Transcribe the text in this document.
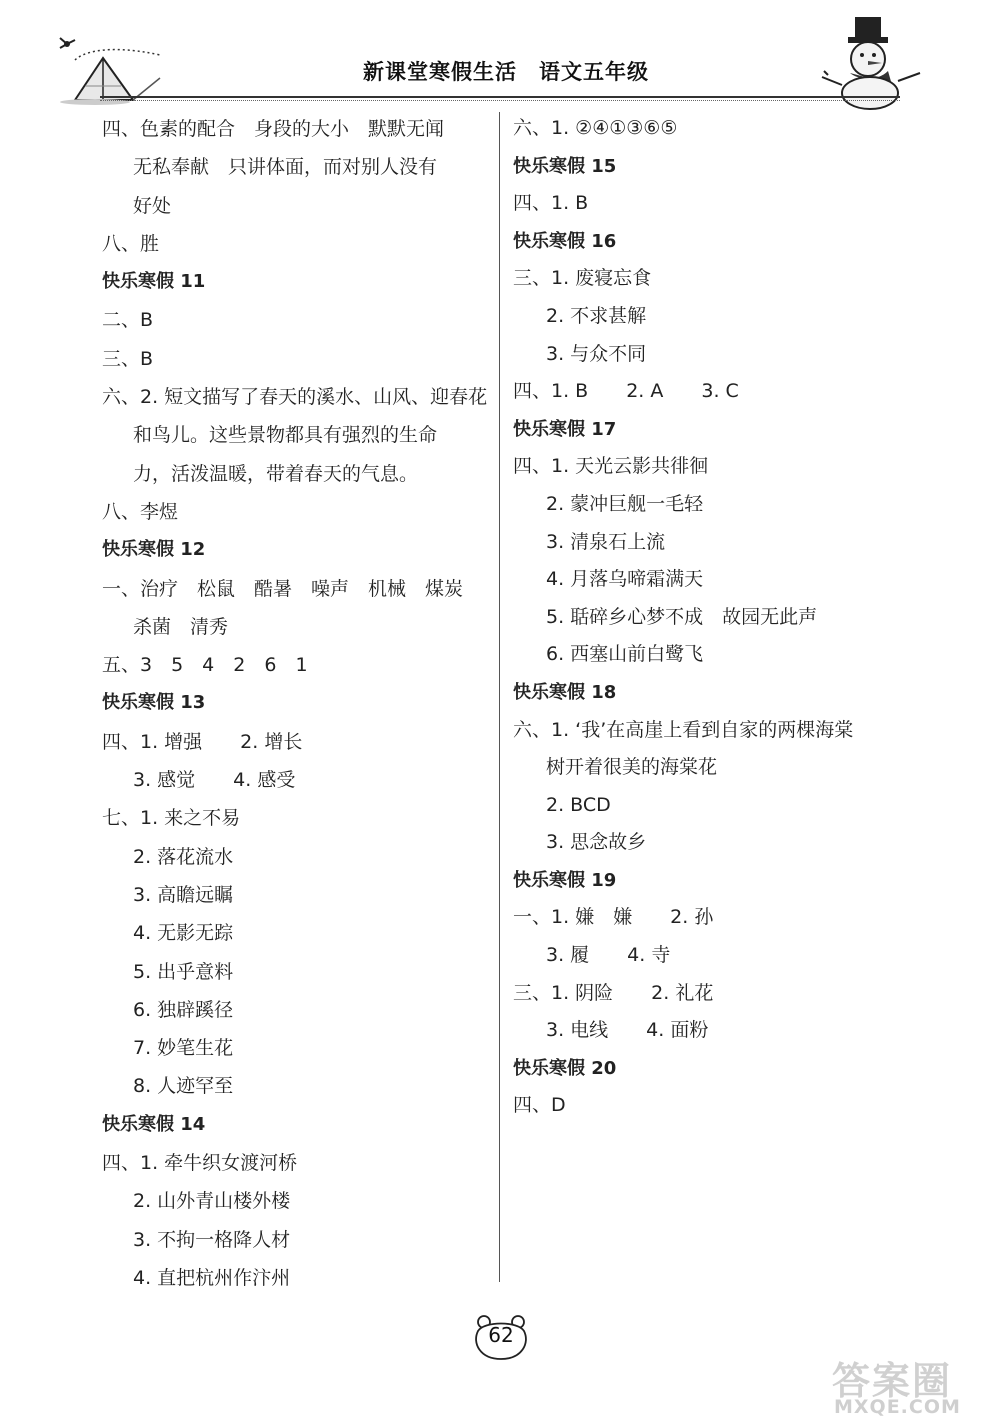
新课堂寒假生活　语文五年级
四、色素的配合　身段的大小　默默无闻
无私奉献　只讲体面，而对别人没有
好处
八、胜
快乐寒假 11
二、B
三、B
六、2. 短文描写了春天的溪水、山风、迎春花
和鸟儿。这些景物都具有强烈的生命
力，活泼温暖，带着春天的气息。
八、李煜
快乐寒假 12
一、治疗　松鼠　酷暑　噪声　机械　煤炭
杀菌　清秀
五、3　5　4　2　6　1
快乐寒假 13
四、1. 增强　　2. 增长
3. 感觉　　4. 感受
七、1. 来之不易
2. 落花流水
3. 高瞻远瞩
4. 无影无踪
5. 出乎意料
6. 独辟蹊径
7. 妙笔生花
8. 人迹罕至
快乐寒假 14
四、1. 牵牛织女渡河桥
2. 山外青山楼外楼
3. 不拘一格降人材
4. 直把杭州作汴州
六、1. ②④①③⑥⑤
快乐寒假 15
四、1. B
快乐寒假 16
三、1. 废寝忘食
2. 不求甚解
3. 与众不同
四、1. B　　2. A　　3. C
快乐寒假 17
四、1. 天光云影共徘徊
2. 蒙冲巨舰一毛轻
3. 清泉石上流
4. 月落乌啼霜满天
5. 聒碎乡心梦不成　故园无此声
6. 西塞山前白鹭飞
快乐寒假 18
六、1. ‘我’在高崖上看到自家的两棵海棠
树开着很美的海棠花
2. BCD
3. 思念故乡
快乐寒假 19
一、1. 嫌　嫌　　2. 孙
3. 履　　4. 寺
三、1. 阴险　　2. 礼花
3. 电线　　4. 面粉
快乐寒假 20
四、D
62
答案圈
MXQE.COM
